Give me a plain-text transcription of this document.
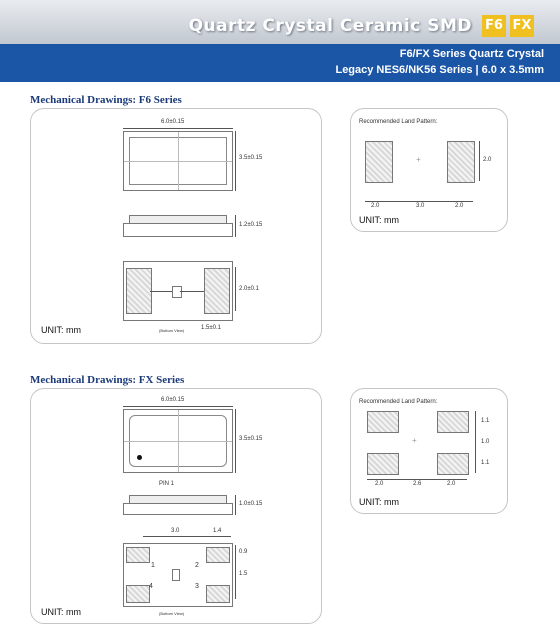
Quartz Crystal Ceramic SMD F6 FX
F6/FX Series Quartz Crystal
Legacy NES6/NK56 Series | 6.0 x 3.5mm
Mechanical Drawings: F6 Series
6.0±0.15
3.5±0.15
1.2±0.15
2.0±0.1
(Bottom View)	1.5±0.1
UNIT: mm
Recommended Land Pattern:
+	2.0
2.0	3.0	2.0
UNIT: mm
Mechanical Drawings: FX Series
6.0±0.15
3.5±0.15
PIN 1
1.0±0.15
3.0	1.4
1	2
3
4
0.9
1.5
(Bottom View)
UNIT: mm
Recommended Land Pattern:
+
1.1
1.0
1.1
2.0	2.6	2.0
UNIT: mm
